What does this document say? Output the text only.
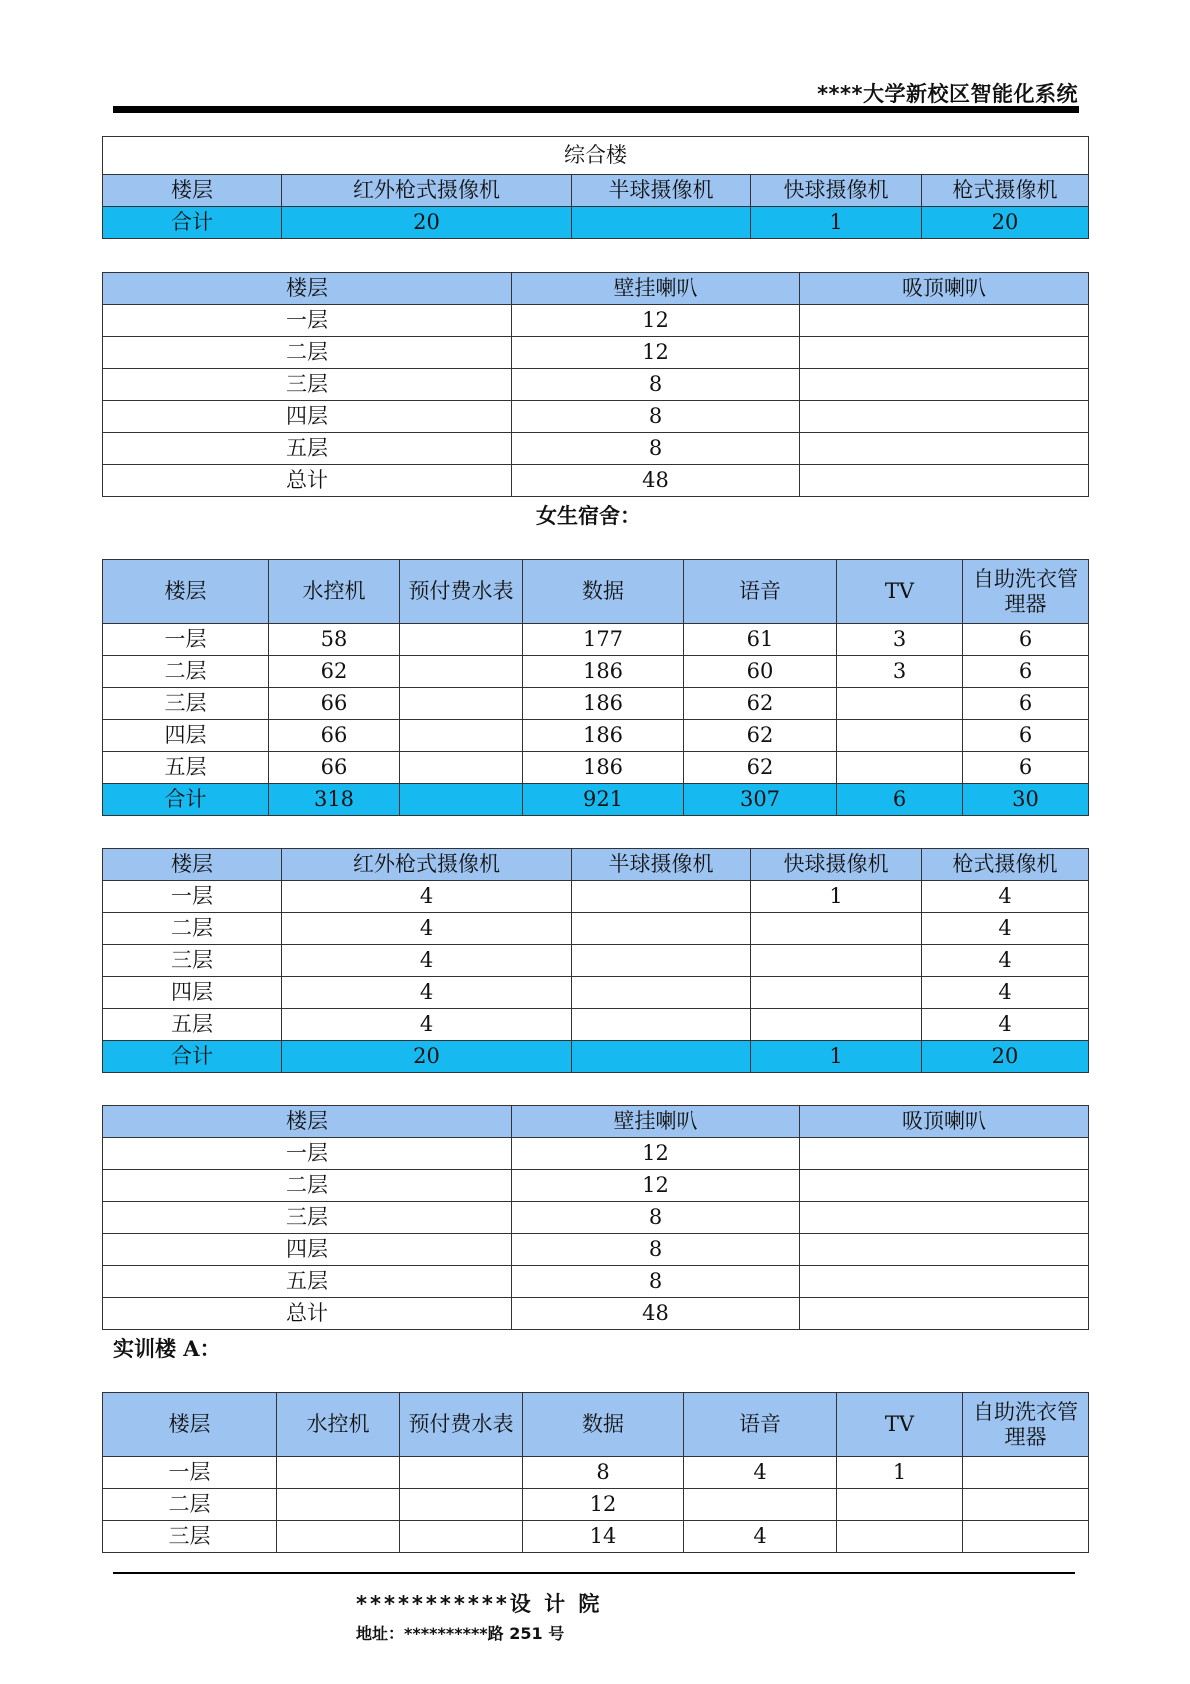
****大学新校区智能化系统
综合楼				
楼层	红外枪式摄像机	半球摄像机	快球摄像机	枪式摄像机
合计	20		1	20
楼层	壁挂喇叭	吸顶喇叭
一层	12	
二层	12	
三层	8	
四层	8	
五层	8	
总计	48	
女生宿舍：
楼层	水控机	预付费水表	数据	语音	TV	自助洗衣管理器
一层	58		177	61	3	6
二层	62		186	60	3	6
三层	66		186	62		6
四层	66		186	62		6
五层	66		186	62		6
合计	318		921	307	6	30
楼层	红外枪式摄像机	半球摄像机	快球摄像机	枪式摄像机
一层	4		1	4
二层	4			4
三层	4			4
四层	4			4
五层	4			4
合计	20		1	20
楼层	壁挂喇叭	吸顶喇叭
一层	12	
二层	12	
三层	8	
四层	8	
五层	8	
总计	48	
实训楼 A：
楼层	水控机	预付费水表	数据	语音	TV	自助洗衣管理器
一层			8	4	1	
二层			12			
三层			14	4		
***********设 计 院
地址：**********路 251 号
